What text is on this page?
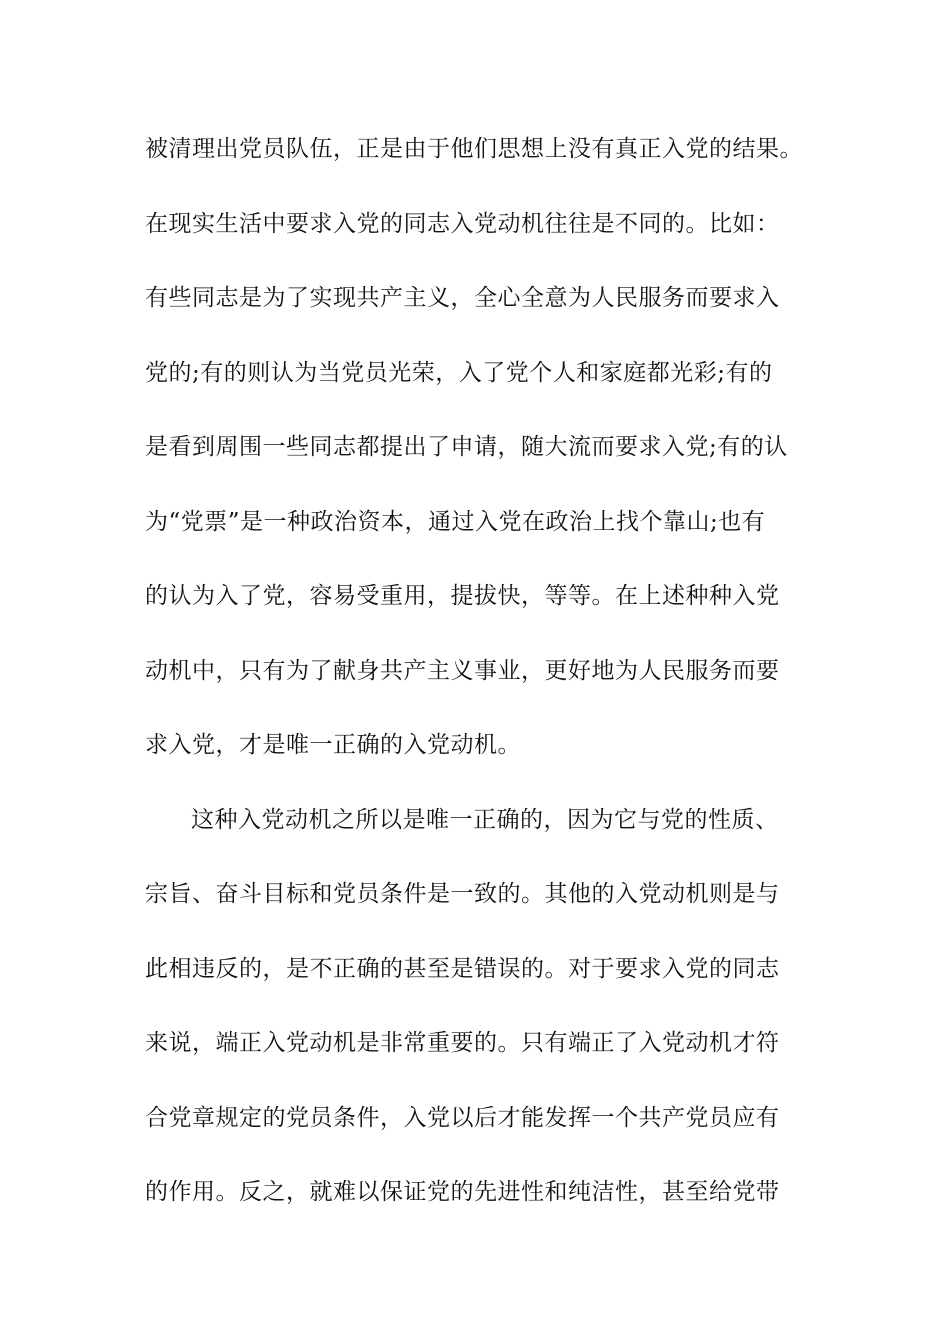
被清理出党员队伍，正是由于他们思想上没有真正入党的结果。
在现实生活中要求入党的同志入党动机往往是不同的。比如：
有些同志是为了实现共产主义，全心全意为人民服务而要求入
党的;有的则认为当党员光荣，入了党个人和家庭都光彩;有的
是看到周围一些同志都提出了申请，随大流而要求入党;有的认
为“党票”是一种政治资本，通过入党在政治上找个靠山;也有
的认为入了党，容易受重用，提拔快，等等。在上述种种入党
动机中，只有为了献身共产主义事业，更好地为人民服务而要
求入党，才是唯一正确的入党动机。
这种入党动机之所以是唯一正确的，因为它与党的性质、
宗旨、奋斗目标和党员条件是一致的。其他的入党动机则是与
此相违反的，是不正确的甚至是错误的。对于要求入党的同志
来说，端正入党动机是非常重要的。只有端正了入党动机才符
合党章规定的党员条件，入党以后才能发挥一个共产党员应有
的作用。反之，就难以保证党的先进性和纯洁性，甚至给党带
